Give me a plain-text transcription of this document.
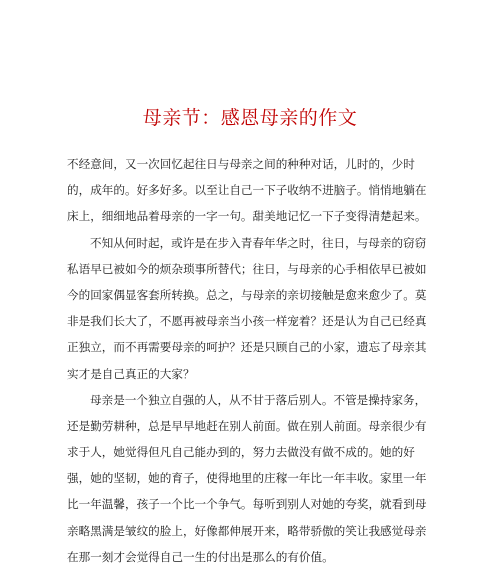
母亲节：感恩母亲的作文
不经意间，又一次回忆起往日与母亲之间的种种对话，儿时的，少时
的，成年的。好多好多。以至让自己一下子收纳不进脑子。悄悄地躺在
床上，细细地品着母亲的一字一句。甜美地记忆一下子变得清楚起来。
不知从何时起，或许是在步入青春年华之时，往日，与母亲的窃窃
私语早已被如今的烦杂琐事所替代；往日，与母亲的心手相依早已被如
今的回家偶显客套所转换。总之，与母亲的亲切接触是愈来愈少了。莫
非是我们长大了，不愿再被母亲当小孩一样宠着？还是认为自己已经真
正独立，而不再需要母亲的呵护？还是只顾自己的小家，遗忘了母亲其
实才是自己真正的大家？
母亲是一个独立自强的人，从不甘于落后别人。不管是操持家务，
还是勤劳耕种，总是早早地赶在别人前面。做在别人前面。母亲很少有
求于人，她觉得但凡自己能办到的，努力去做没有做不成的。她的好
强，她的坚韧，她的育子，使得地里的庄稼一年比一年丰收。家里一年
比一年温馨，孩子一个比一个争气。每听到别人对她的夸奖，就看到母
亲略黑满是皱纹的脸上，好像都伸展开来，略带骄傲的笑让我感觉母亲
在那一刻才会觉得自己一生的付出是那么的有价值。
